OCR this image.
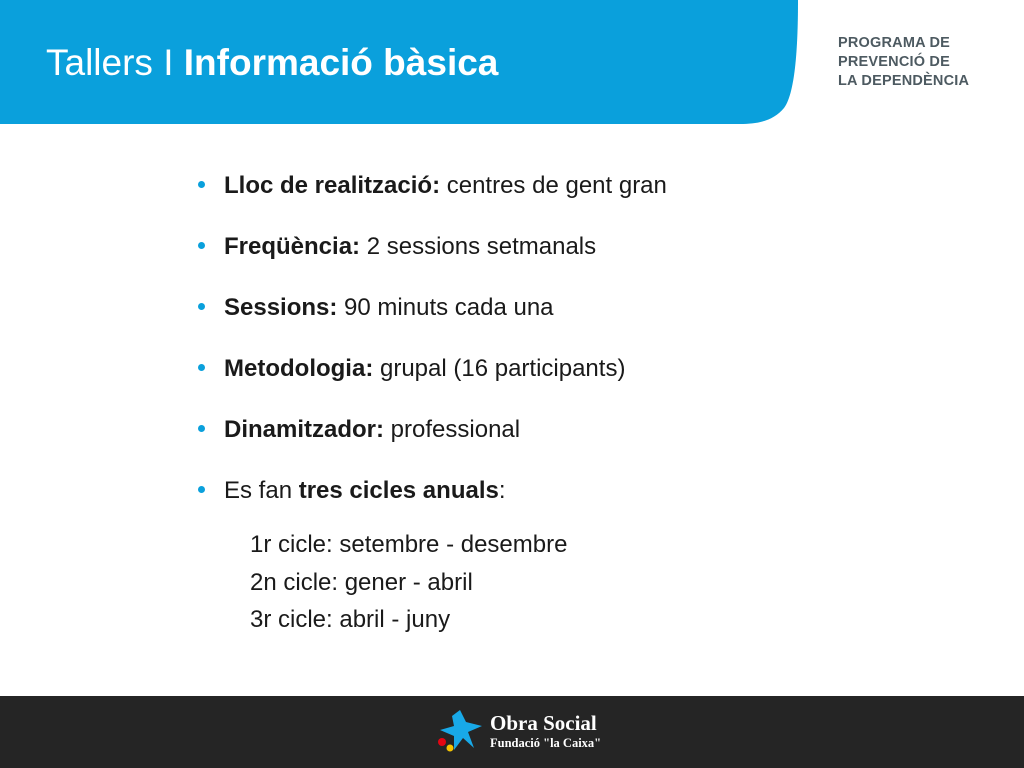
Tallers I Informació bàsica	PROGRAMA DE
PREVENCIÓ DE
LA DEPENDÈNCIA
Lloc de realització: centres de gent gran
Freqüència: 2 sessions setmanals
Sessions: 90 minuts cada una
Metodologia: grupal (16 participants)
Dinamitzador: professional
Es fan tres cicles anuals:
1r cicle: setembre - desembre
2n cicle: gener - abril
3r cicle: abril - juny
Obra Social
Fundació "la Caixa"
